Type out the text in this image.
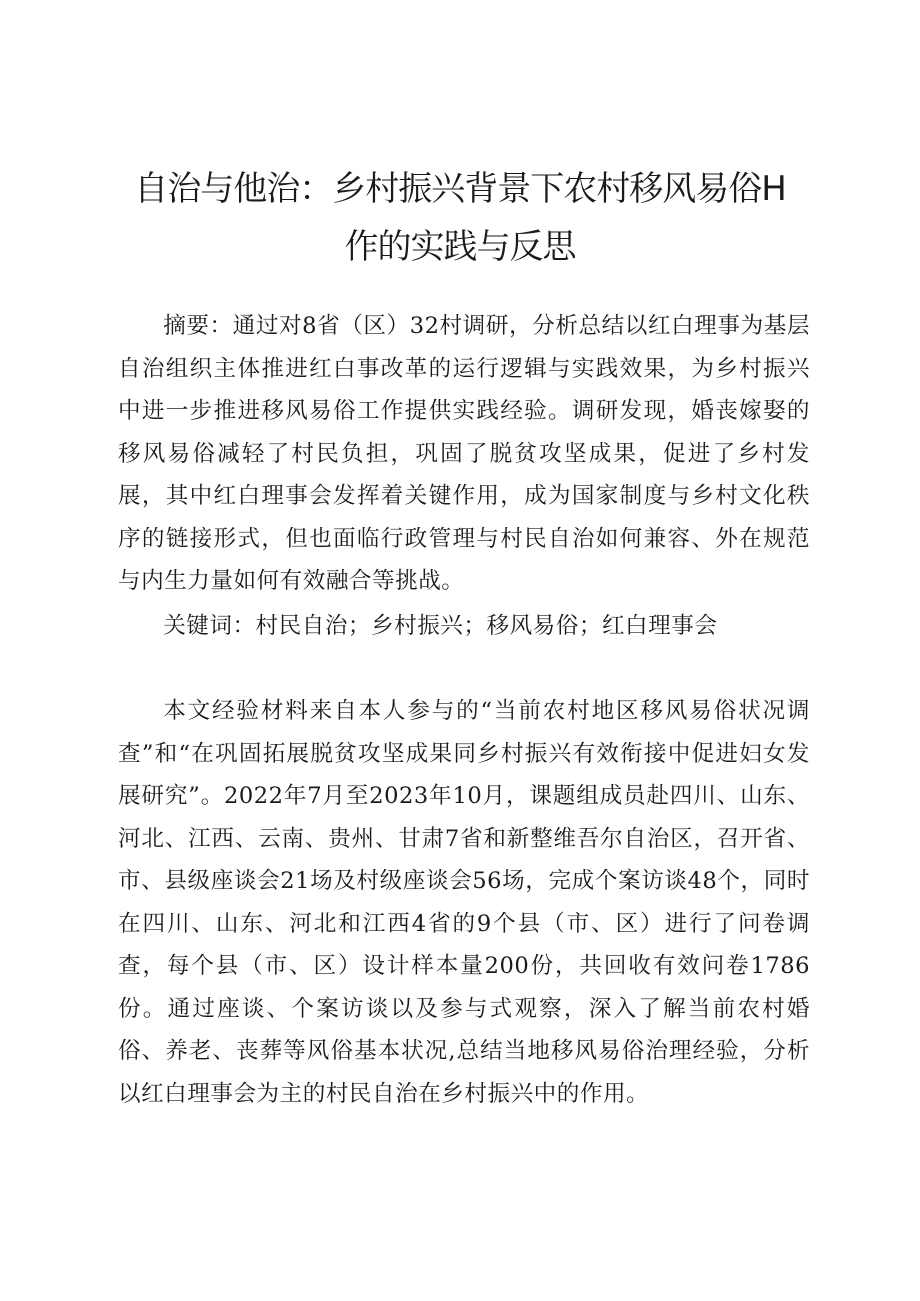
自治与他治：乡村振兴背景下农村移风易俗H
作的实践与反思

摘要：通过对8省（区）32村调研，分析总结以红白理事为基层自治组织主体推进红白事改革的运行逻辑与实践效果，为乡村振兴中进一步推进移风易俗工作提供实践经验。调研发现，婚丧嫁娶的移风易俗减轻了村民负担，巩固了脱贫攻坚成果，促进了乡村发展，其中红白理事会发挥着关键作用，成为国家制度与乡村文化秩序的链接形式，但也面临行政管理与村民自治如何兼容、外在规范与内生力量如何有效融合等挑战。

关键词：村民自治；乡村振兴；移风易俗；红白理事会

本文经验材料来自本人参与的“当前农村地区移风易俗状况调查”和“在巩固拓展脱贫攻坚成果同乡村振兴有效衔接中促进妇女发展研究”。2022年7月至2023年10月，课题组成员赴四川、山东、河北、江西、云南、贵州、甘肃7省和新整维吾尔自治区，召开省、市、县级座谈会21场及村级座谈会56场，完成个案访谈48个，同时在四川、山东、河北和江西4省的9个县（市、区）进行了问卷调查，每个县（市、区）设计样本量200份，共回收有效问卷1786份。通过座谈、个案访谈以及参与式观察，深入了解当前农村婚俗、养老、丧葬等风俗基本状况,总结当地移风易俗治理经验，分析以红白理事会为主的村民自治在乡村振兴中的作用。
